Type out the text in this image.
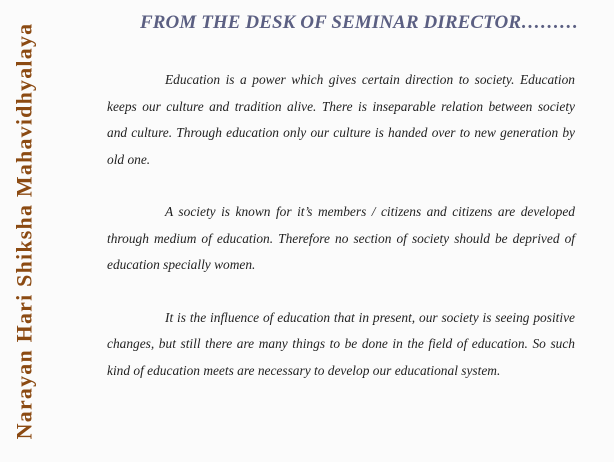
Narayan Hari Shiksha Mahavidhyalaya
FROM THE DESK OF SEMINAR DIRECTOR………

Education is a power which gives certain direction to society. Education keeps our culture and tradition alive. There is inseparable relation between society and culture. Through education only our culture is handed over to new generation by old one.

A society is known for it’s members / citizens and citizens are developed through medium of education. Therefore no section of society should be deprived of education specially women.

It is the influence of education that in present, our society is seeing positive changes, but still there are many things to be done in the field of education. So such kind of education meets are necessary to develop our educational system.
